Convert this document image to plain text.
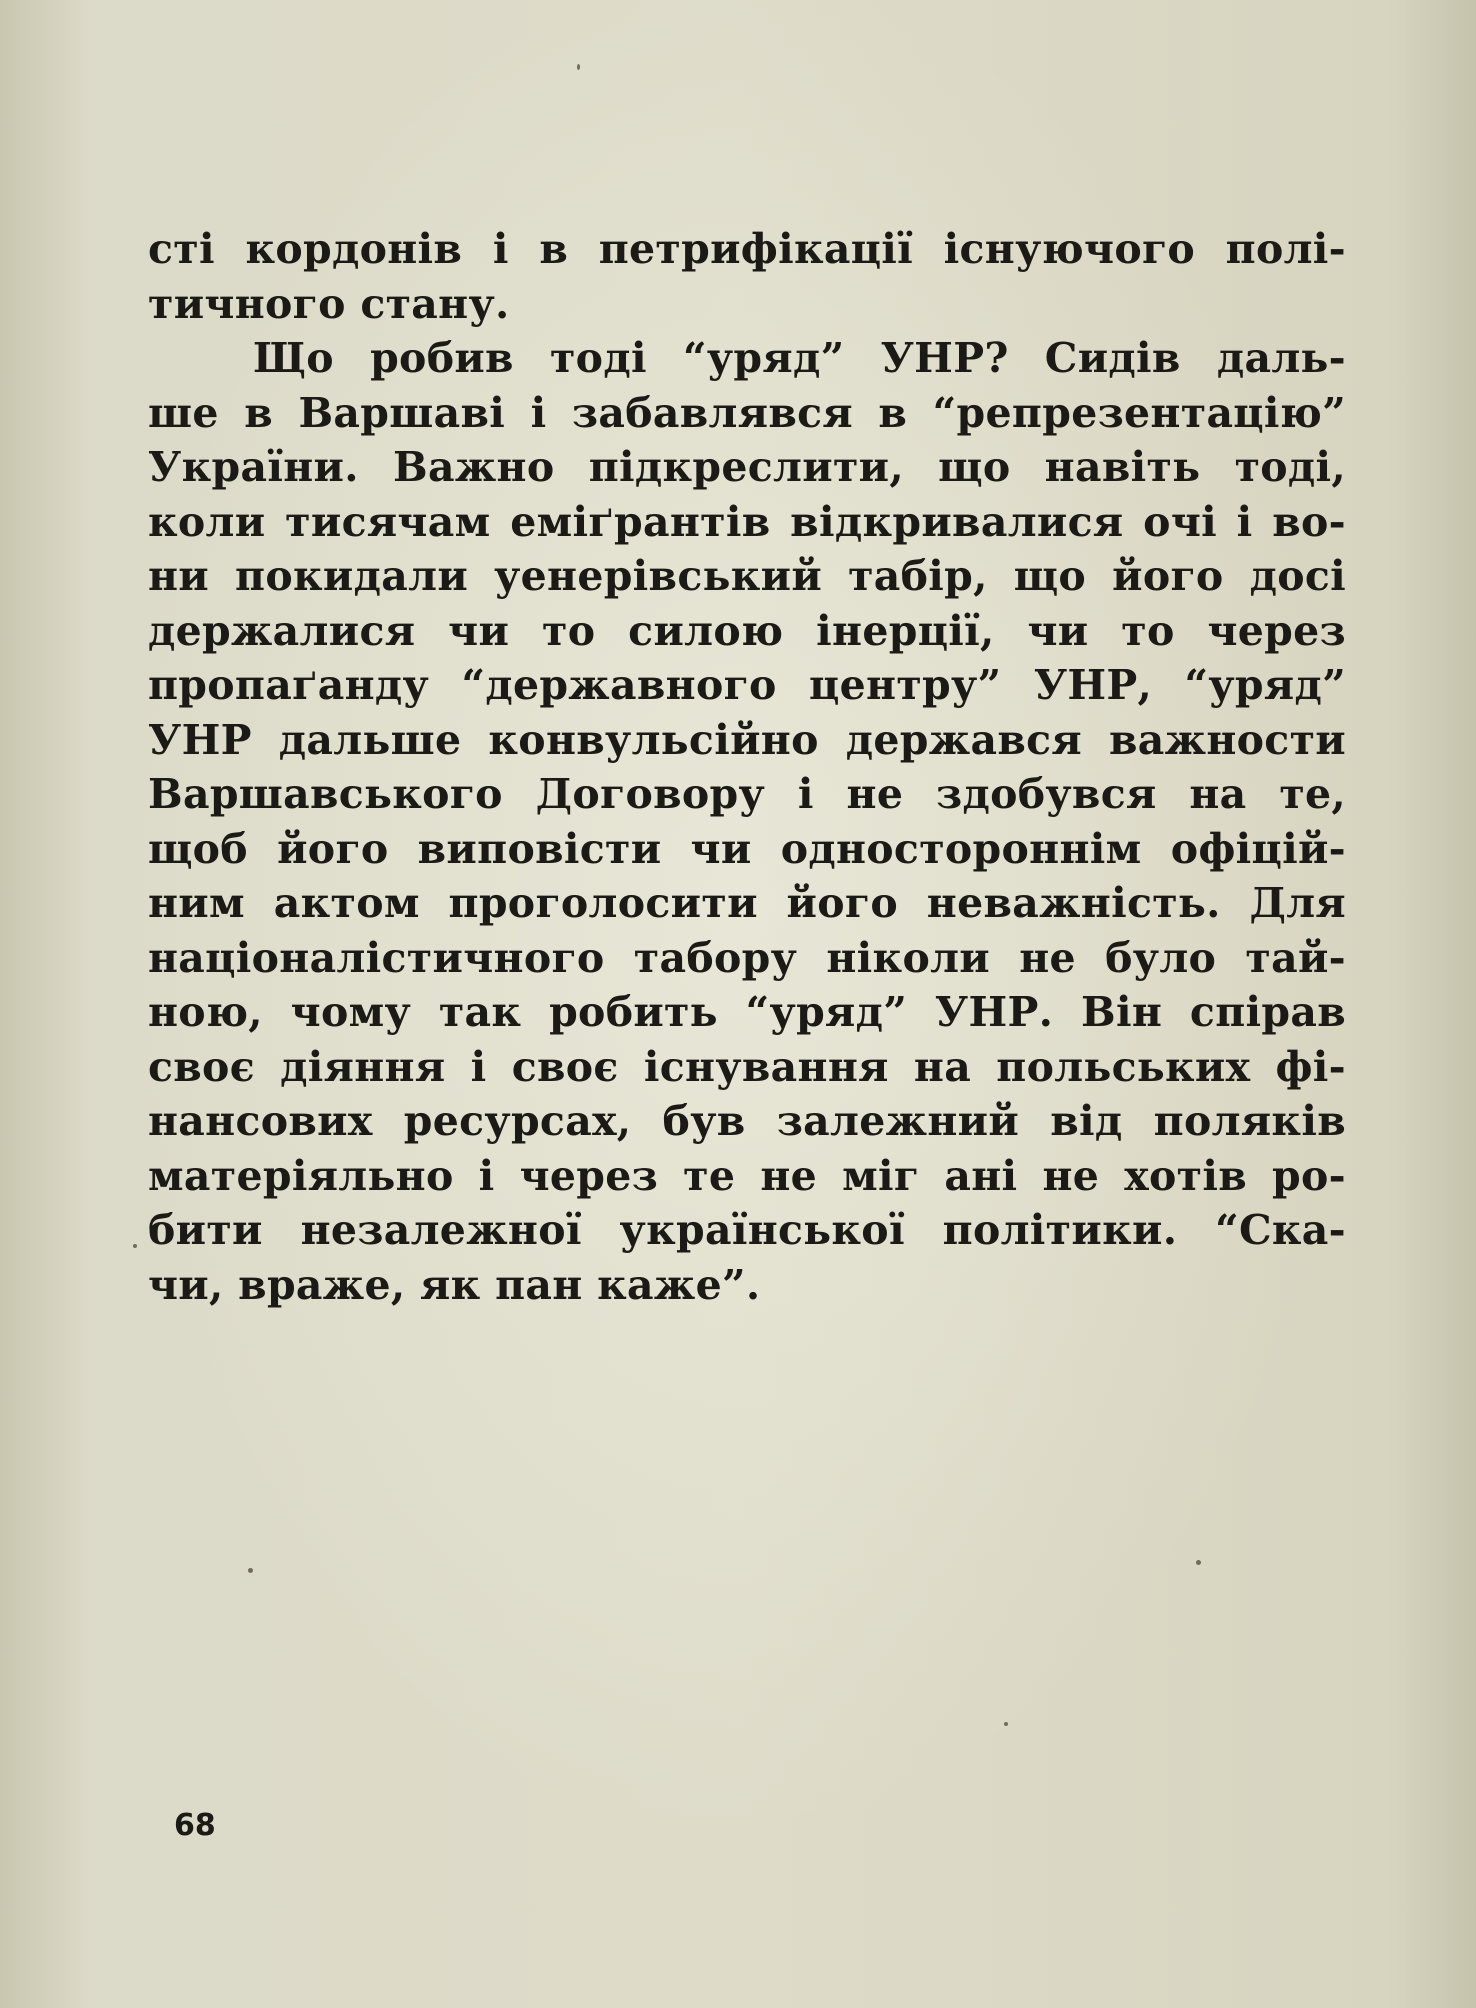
сті кордонів і в петрифікації існуючого полі-
тичного стану.
Що робив тоді “уряд” УНР? Сидів даль-
ше в Варшаві і забавлявся в “репрезентацію”
України. Важно підкреслити, що навіть тоді,
коли тисячам еміґрантів відкривалися очі і во-
ни покидали уенерівський табір, що його досі
держалися чи то силою інерції, чи то через
пропаґанду “державного центру” УНР, “уряд”
УНР дальше конвульсійно держався важности
Варшавського Договору і не здобувся на те,
щоб його виповісти чи одностороннім офіцій-
ним актом проголосити його неважність. Для
націоналістичного табору ніколи не було тай-
ною, чому так робить “уряд” УНР. Він спірав
своє діяння і своє існування на польських фі-
нансових ресурсах, був залежний від поляків
матеріяльно і через те не міг ані не хотів ро-
бити незалежної української політики. “Ска-
чи, враже, як пан каже”.
68
